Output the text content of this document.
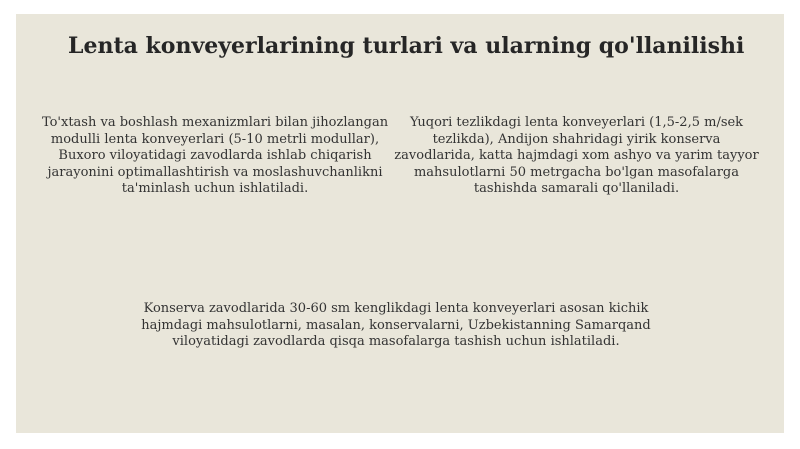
Lenta konveyerlarining turlari va ularning qo'llanilishi

To'xtash va boshlash mexanizmlari bilan jihozlangan modulli lenta konveyerlari (5-10 metrli modullar), Buxoro viloyatidagi zavodlarda ishlab chiqarish jarayonini optimallashtirish va moslashuvchanlikni ta'minlash uchun ishlatiladi.

Yuqori tezlikdagi lenta konveyerlari (1,5-2,5 m/sek tezlikda), Andijon shahridagi yirik konserva zavodlarida, katta hajmdagi xom ashyo va yarim tayyor mahsulotlarni 50 metrgacha bo'lgan masofalarga tashishda samarali qo'llaniladi.

Konserva zavodlarida 30-60 sm kenglikdagi lenta konveyerlari asosan kichik hajmdagi mahsulotlarni, masalan, konservalarni, Uzbekistanning Samarqand viloyatidagi zavodlarda qisqa masofalarga tashish uchun ishlatiladi.
